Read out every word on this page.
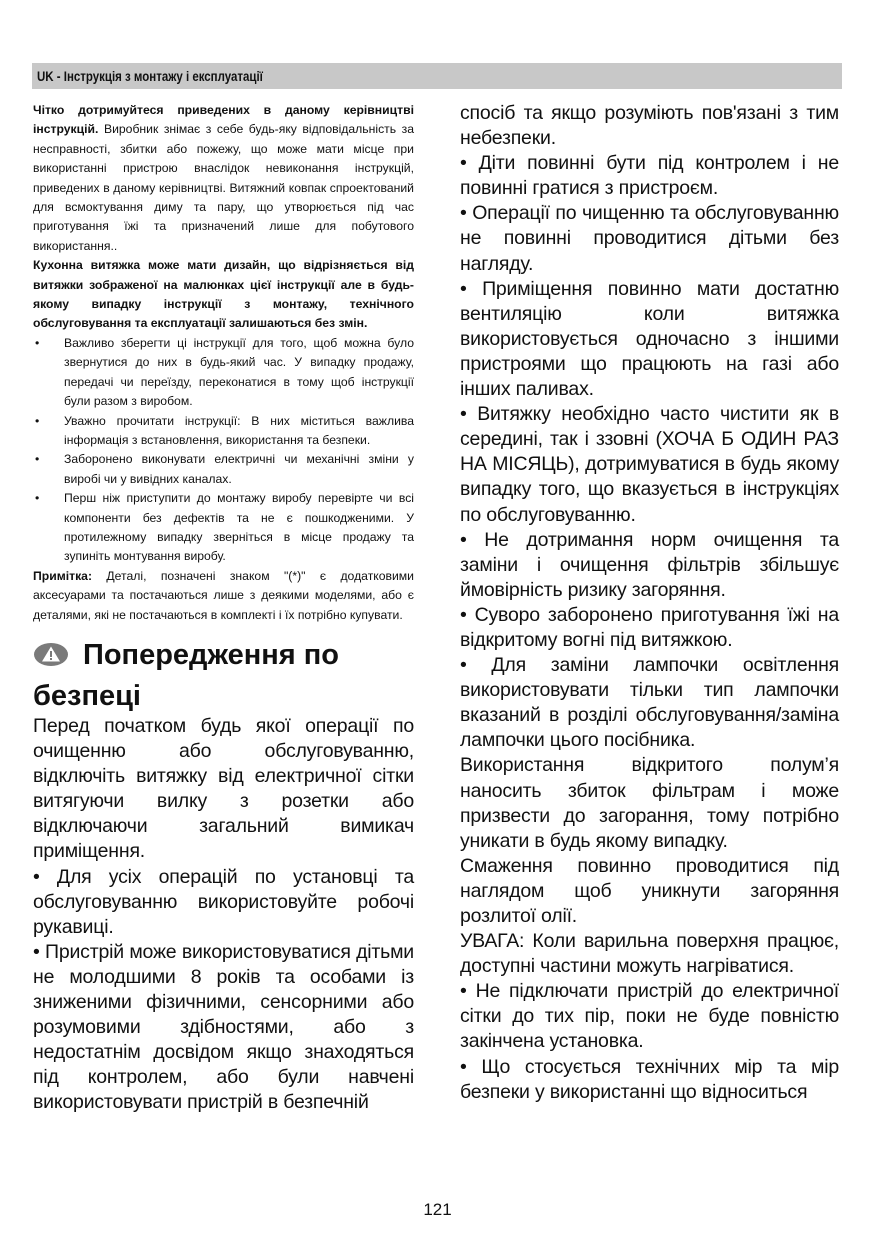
UK - Інструкція з монтажу і експлуатації

Чітко дотримуйтеся приведених в даному керівництві інструкцій. Виробник знімає з себе будь-яку відповідальність за несправності, збитки або пожежу, що може мати місце при використанні пристрою внаслідок невиконання інструкцій, приведених в даному керівництві. Витяжний ковпак спроектований для всмоктування диму та пару, що утворюється під час приготування їжі та призначений лише для побутового використання..

Кухонна витяжка може мати дизайн, що відрізняється від витяжки зображеної на малюнках цієї інструкції але в будь-якому випадку інструкції з монтажу, технічного обслуговування та експлуатації залишаються без змін.

• Важливо зберегти ці інструкції для того, щоб можна було звернутися до них в будь-який час. У випадку продажу, передачі чи переїзду, переконатися в тому щоб інструкції були разом з виробом.
• Уважно прочитати інструкції: В них міститься важлива інформація з встановлення, використання та безпеки.
• Заборонено виконувати електричні чи механічні зміни у виробі чи у вивідних каналах.
• Перш ніж приступити до монтажу виробу перевірте чи всі компоненти без дефектів та не є пошкодженими. У протилежному випадку зверніться в місце продажу та зупиніть монтування виробу.

Примітка: Деталі, позначені знаком "(*)" є додатковими аксесуарами та постачаються лише з деякими моделями, або є деталями, які не постачаються в комплекті і їх потрібно купувати.

Попередження по
безпеці

Перед початком будь якої операції по очищенню або обслуговуванню, відключіть витяжку від електричної сітки витягуючи вилку з розетки або відключаючи загальний вимикач приміщення.

• Для усіх операцій по установці та обслуговуванню використовуйте робочі рукавиці.

• Пристрій може використовуватися дітьми не молодшими 8 років та особами із зниженими фізичними, сенсорними або розумовими здібностями, або з недостатнім досвідом якщо знаходяться під контролем, або були навчені використовувати пристрій в безпечній

спосіб та якщо розуміють пов'язані з тим небезпеки.

• Діти повинні бути під контролем і не повинні гратися з пристроєм.

• Операції по чищенню та обслуговуванню не повинні проводитися дітьми без нагляду.

• Приміщення повинно мати достатню вентиляцію коли витяжка використовується одночасно з іншими пристроями що працюють на газі або інших паливах.

• Витяжку необхідно часто чистити як в середині, так і ззовні (ХОЧА Б ОДИН РАЗ НА МІСЯЦЬ), дотримуватися в будь якому випадку того, що вказується в інструкціях по обслуговуванню.

• Не дотримання норм очищення та заміни і очищення фільтрів збільшує ймовірність ризику загоряння.

• Суворо заборонено приготування їжі на відкритому вогні під витяжкою.

• Для заміни лампочки освітлення використовувати тільки тип лампочки вказаний в розділі обслуговування/заміна лампочки цього посібника.

Використання відкритого полум’я наносить збиток фільтрам і може призвести до загорання, тому потрібно уникати в будь якому випадку.

Смаження повинно проводитися під наглядом щоб уникнути загоряння розлитої олії.

УВАГА: Коли варильна поверхня працює, доступні частини можуть нагріватися.

• Не підключати пристрій до електричної сітки до тих пір, поки не буде повністю закінчена установка.

• Що стосується технічних мір та мір безпеки у використанні що відноситься

121
